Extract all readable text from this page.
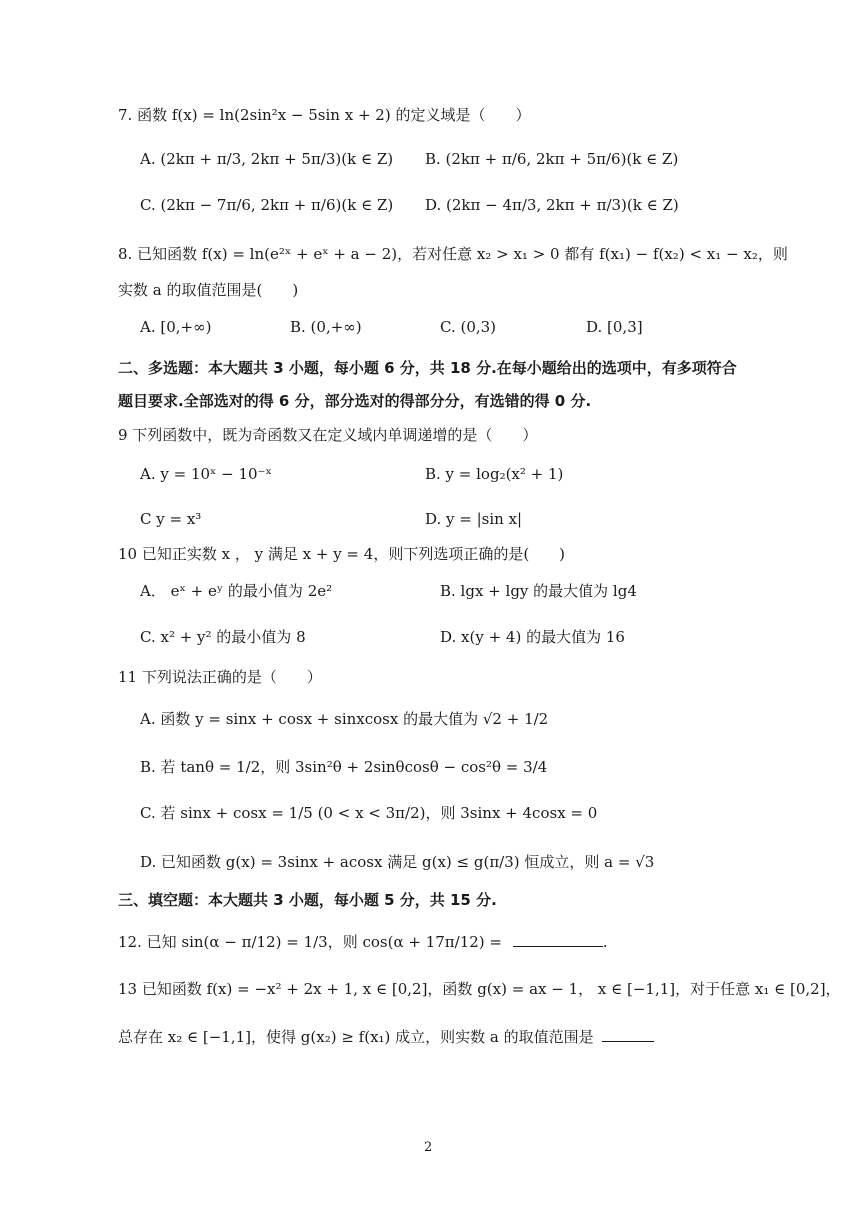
7. 函数 f(x) = ln(2sin²x − 5sin x + 2) 的定义域是（　　）
A. (2kπ + π/3, 2kπ + 5π/3)(k ∈ Z) B. (2kπ + π/6, 2kπ + 5π/6)(k ∈ Z)
C. (2kπ − 7π/6, 2kπ + π/6)(k ∈ Z) D. (2kπ − 4π/3, 2kπ + π/3)(k ∈ Z)
8. 已知函数 f(x) = ln(e²ˣ + eˣ + a − 2)，若对任意 x₂ > x₁ > 0 都有 f(x₁) − f(x₂) < x₁ − x₂，则
实数 a 的取值范围是(　　)
A. [0,+∞)	B. (0,+∞)	C. (0,3)	D. [0,3]
二、多选题：本大题共 3 小题，每小题 6 分，共 18 分.在每小题给出的选项中，有多项符合
题目要求.全部选对的得 6 分，部分选对的得部分分，有选错的得 0 分.
9 下列函数中，既为奇函数又在定义域内单调递增的是（　　）
A. y = 10ˣ − 10⁻ˣ	B. y = log₂(x² + 1)
C y = x³	D. y = |sin x|
10 已知正实数 x ， y 满足 x + y = 4，则下列选项正确的是(　　)
A． eˣ + eʸ 的最小值为 2e²	B. lgx + lgy 的最大值为 lg4
C. x² + y² 的最小值为 8	D. x(y + 4) 的最大值为 16
11 下列说法正确的是（　　）
A. 函数 y = sinx + cosx + sinxcosx 的最大值为 √2 + 1/2
B. 若 tanθ = 1/2，则 3sin²θ + 2sinθcosθ − cos²θ = 3/4
C. 若 sinx + cosx = 1/5 (0 < x < 3π/2)，则 3sinx + 4cosx = 0
D. 已知函数 g(x) = 3sinx + acosx 满足 g(x) ≤ g(π/3) 恒成立，则 a = √3
三、填空题：本大题共 3 小题，每小题 5 分，共 15 分.
12. 已知 sin(α − π/12) = 1/3，则 cos(α + 17π/12) =	.
13 已知函数 f(x) = −x² + 2x + 1, x ∈ [0,2]，函数 g(x) = ax − 1， x ∈ [−1,1]，对于任意 x₁ ∈ [0,2]，
总存在 x₂ ∈ [−1,1]，使得 g(x₂) ≥ f(x₁) 成立，则实数 a 的取值范围是
2
